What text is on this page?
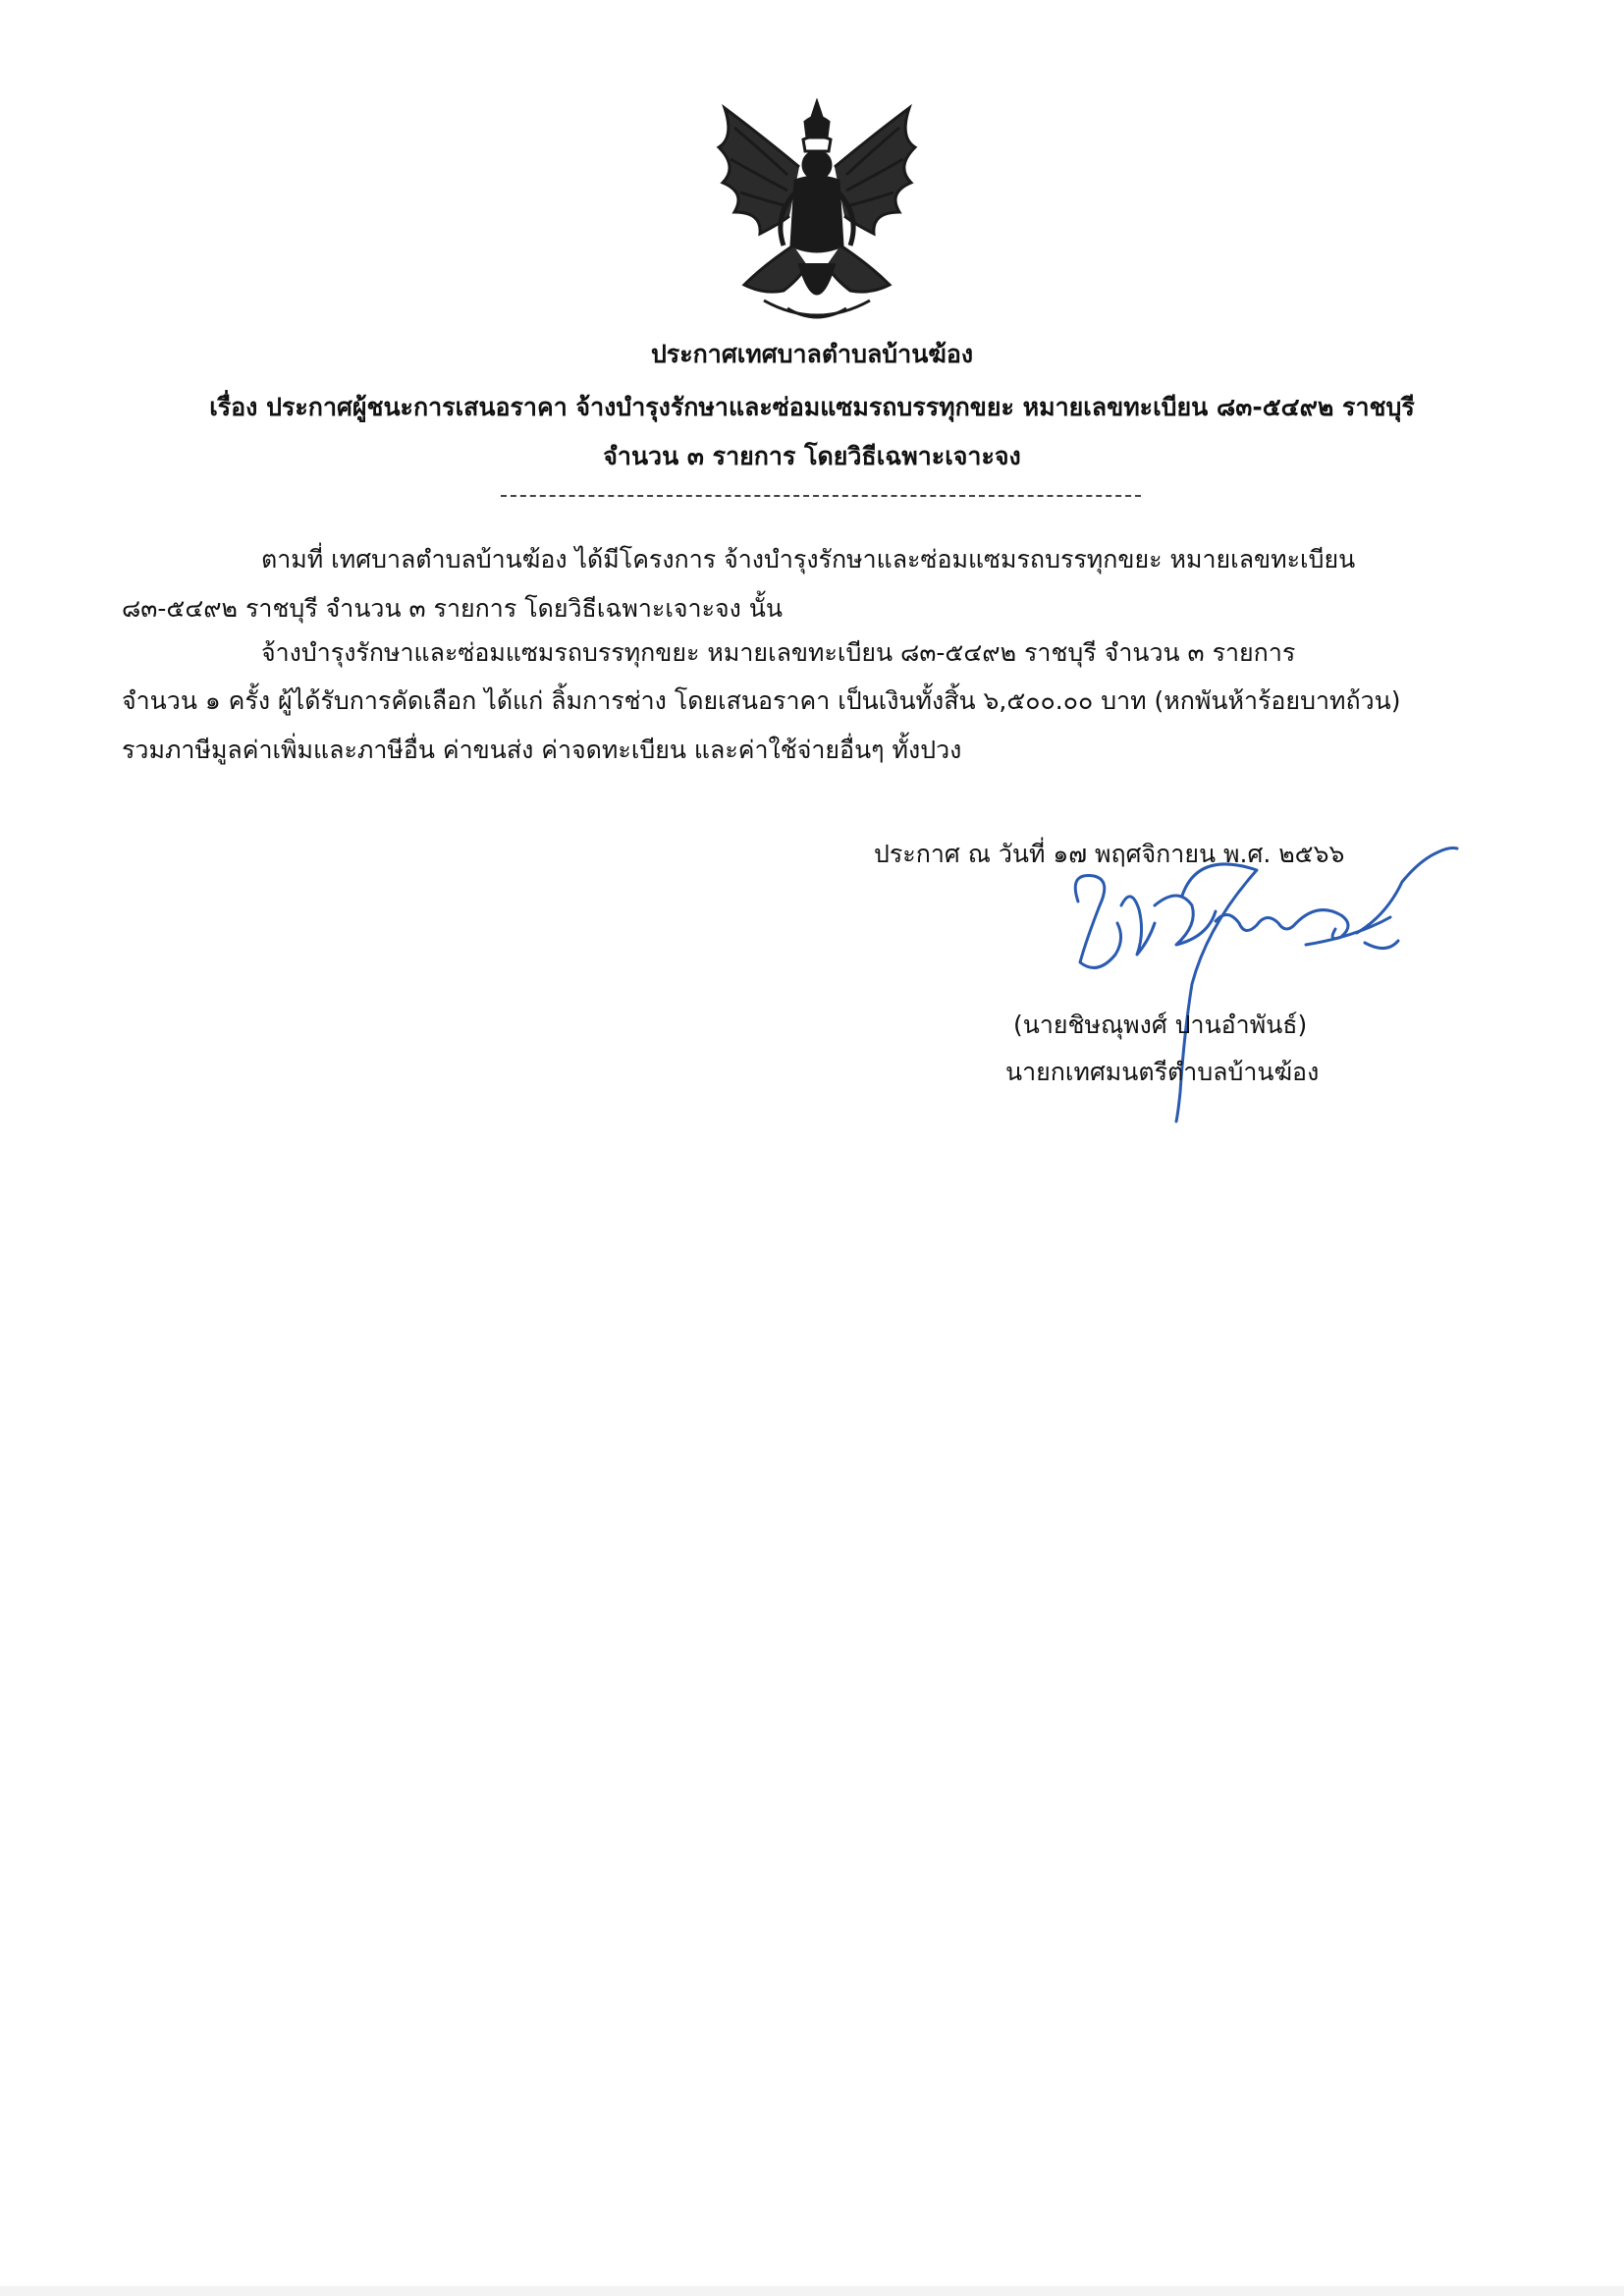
ประกาศเทศบาลตำบลบ้านฆ้อง
เรื่อง ประกาศผู้ชนะการเสนอราคา จ้างบำรุงรักษาและซ่อมแซมรถบรรทุกขยะ หมายเลขทะเบียน ๘๓-๕๔๙๒ ราชบุรี
จำนวน ๓ รายการ โดยวิธีเฉพาะเจาะจง
ตามที่ เทศบาลตำบลบ้านฆ้อง ได้มีโครงการ จ้างบำรุงรักษาและซ่อมแซมรถบรรทุกขยะ หมายเลขทะเบียน
๘๓-๕๔๙๒ ราชบุรี จำนวน ๓ รายการ โดยวิธีเฉพาะเจาะจง นั้น
จ้างบำรุงรักษาและซ่อมแซมรถบรรทุกขยะ หมายเลขทะเบียน ๘๓-๕๔๙๒ ราชบุรี จำนวน ๓ รายการ
จำนวน ๑ ครั้ง ผู้ได้รับการคัดเลือก ได้แก่ ลิ้มการช่าง โดยเสนอราคา เป็นเงินทั้งสิ้น ๖,๕๐๐.๐๐ บาท (หกพันห้าร้อยบาทถ้วน)
รวมภาษีมูลค่าเพิ่มและภาษีอื่น ค่าขนส่ง ค่าจดทะเบียน และค่าใช้จ่ายอื่นๆ ทั้งปวง
ประกาศ ณ วันที่ ๑๗ พฤศจิกายน พ.ศ. ๒๕๖๖
(นายชิษณุพงศ์ ปานอำพันธ์)
นายกเทศมนตรีตำบลบ้านฆ้อง
